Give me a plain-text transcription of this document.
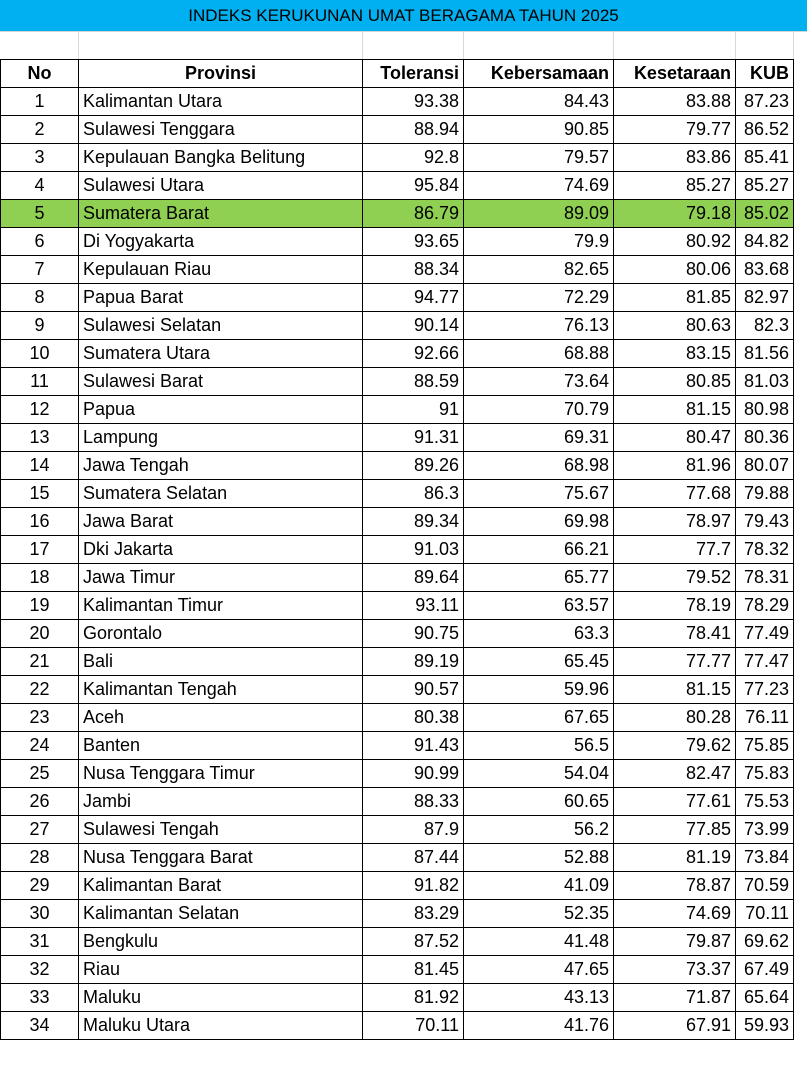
INDEKS KERUKUNAN UMAT BERAGAMA TAHUN 2025
No	Provinsi	Toleransi	Kebersamaan	Kesetaraan	KUB
1	Kalimantan Utara	93.38	84.43	83.88	87.23
2	Sulawesi Tenggara	88.94	90.85	79.77	86.52
3	Kepulauan Bangka Belitung	92.8	79.57	83.86	85.41
4	Sulawesi Utara	95.84	74.69	85.27	85.27
5	Sumatera Barat	86.79	89.09	79.18	85.02
6	Di Yogyakarta	93.65	79.9	80.92	84.82
7	Kepulauan Riau	88.34	82.65	80.06	83.68
8	Papua Barat	94.77	72.29	81.85	82.97
9	Sulawesi Selatan	90.14	76.13	80.63	82.3
10	Sumatera Utara	92.66	68.88	83.15	81.56
11	Sulawesi Barat	88.59	73.64	80.85	81.03
12	Papua	91	70.79	81.15	80.98
13	Lampung	91.31	69.31	80.47	80.36
14	Jawa Tengah	89.26	68.98	81.96	80.07
15	Sumatera Selatan	86.3	75.67	77.68	79.88
16	Jawa Barat	89.34	69.98	78.97	79.43
17	Dki Jakarta	91.03	66.21	77.7	78.32
18	Jawa Timur	89.64	65.77	79.52	78.31
19	Kalimantan Timur	93.11	63.57	78.19	78.29
20	Gorontalo	90.75	63.3	78.41	77.49
21	Bali	89.19	65.45	77.77	77.47
22	Kalimantan Tengah	90.57	59.96	81.15	77.23
23	Aceh	80.38	67.65	80.28	76.11
24	Banten	91.43	56.5	79.62	75.85
25	Nusa Tenggara Timur	90.99	54.04	82.47	75.83
26	Jambi	88.33	60.65	77.61	75.53
27	Sulawesi Tengah	87.9	56.2	77.85	73.99
28	Nusa Tenggara Barat	87.44	52.88	81.19	73.84
29	Kalimantan Barat	91.82	41.09	78.87	70.59
30	Kalimantan Selatan	83.29	52.35	74.69	70.11
31	Bengkulu	87.52	41.48	79.87	69.62
32	Riau	81.45	47.65	73.37	67.49
33	Maluku	81.92	43.13	71.87	65.64
34	Maluku Utara	70.11	41.76	67.91	59.93
